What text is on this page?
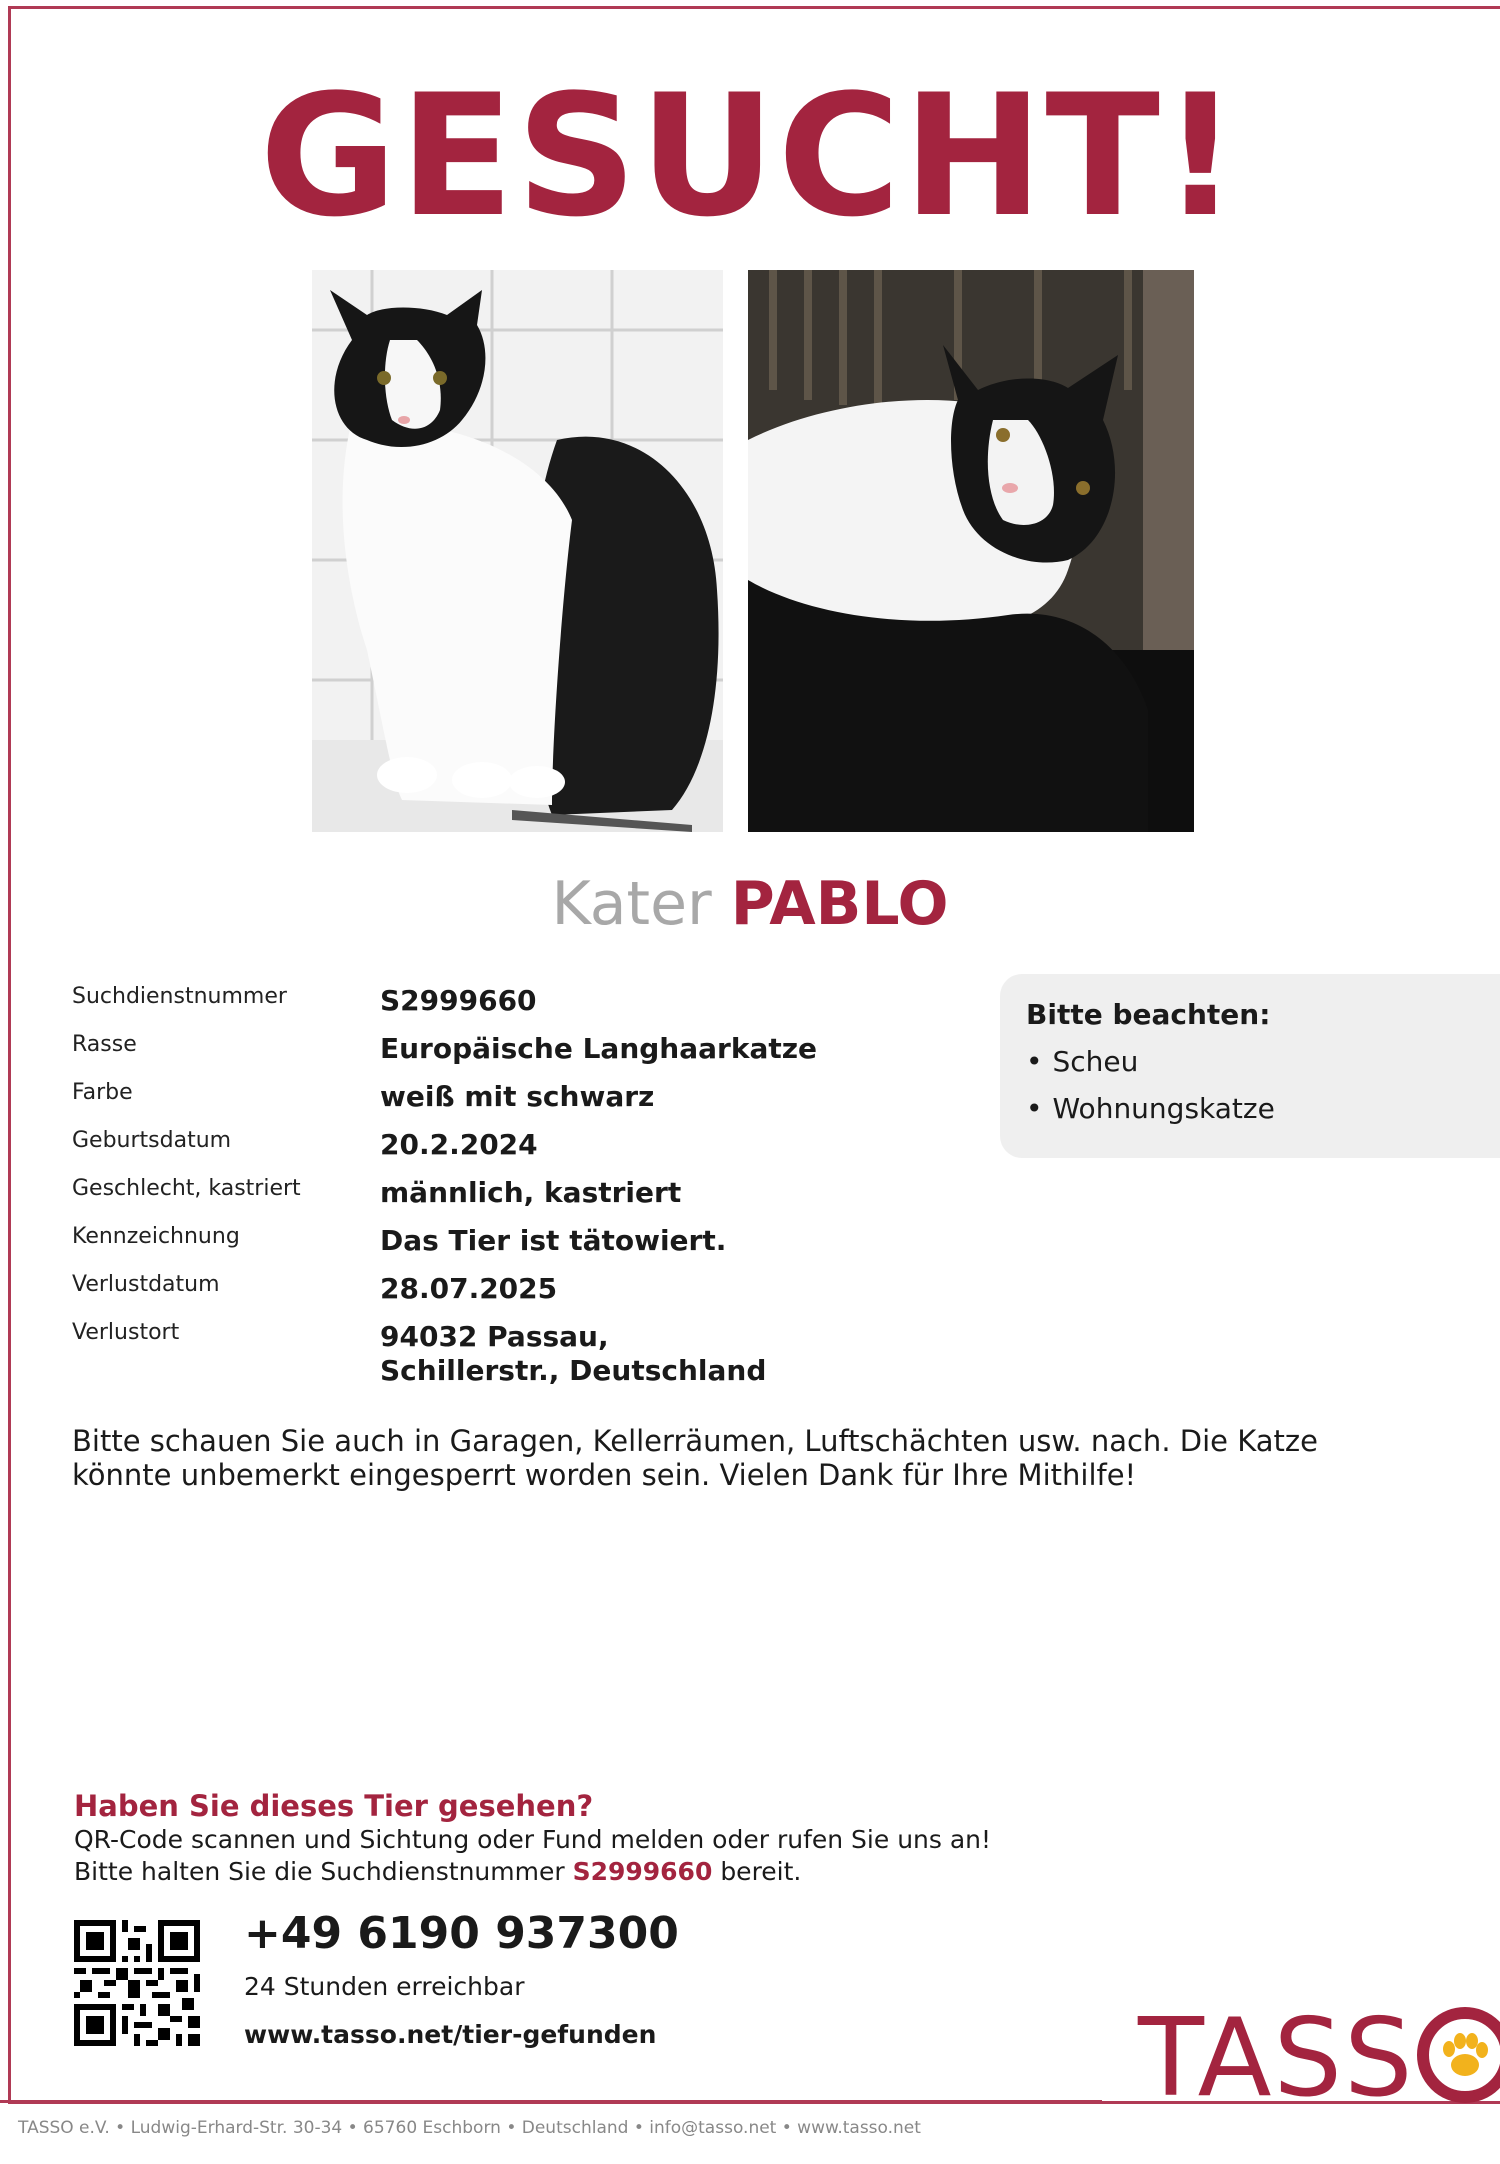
GESUCHT!
Kater PABLO
Suchdienstnummer	S2999660
Rasse	Europäische Langhaarkatze
Farbe	weiß mit schwarz
Geburtsdatum	20.2.2024
Geschlecht, kastriert	männlich, kastriert
Kennzeichnung	Das Tier ist tätowiert.
Verlustdatum	28.07.2025
Verlustort	94032 Passau, Schillerstr., Deutschland
Bitte beachten:
• Scheu
• Wohnungskatze
Bitte schauen Sie auch in Garagen, Kellerräumen, Luftschächten usw. nach. Die Katze könnte unbemerkt eingesperrt worden sein. Vielen Dank für Ihre Mithilfe!
Haben Sie dieses Tier gesehen?
QR-Code scannen und Sichtung oder Fund melden oder rufen Sie uns an!
Bitte halten Sie die Suchdienstnummer S2999660 bereit.
+49 6190 937300
24 Stunden erreichbar
www.tasso.net/tier-gefunden	TASS
TASSO e.V. • Ludwig-Erhard-Str. 30-34 • 65760 Eschborn • Deutschland • info@tasso.net • www.tasso.net
